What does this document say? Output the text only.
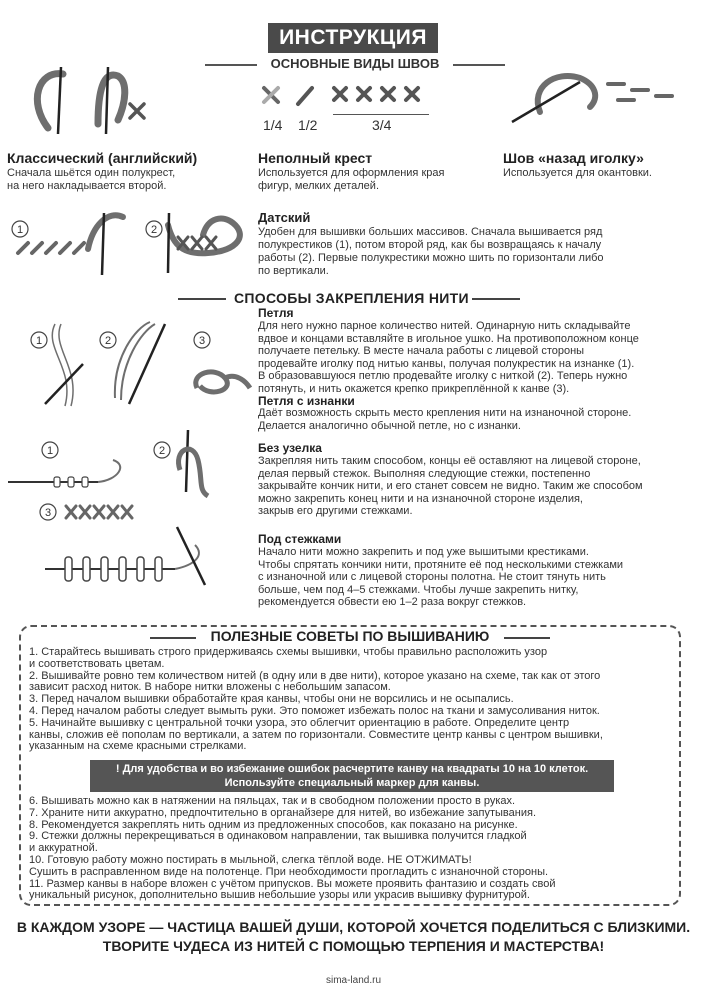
ИНСТРУКЦИЯ
ОСНОВНЫЕ ВИДЫ ШВОВ
1/4 1/2	3/4
Классический (английский)
Сначала шьётся один полукрест,
на него накладывается второй.
Неполный крест
Используется для оформления края
фигур, мелких деталей.
Шов «назад иголку»
Используется для окантовки.
1	2
Датский
Удобен для вышивки больших массивов. Сначала вышивается ряд
полукрестиков (1), потом второй ряд, как бы возвращаясь к началу
работы (2). Первые полукрестики можно шить по горизонтали либо
по вертикали.
СПОСОБЫ ЗАКРЕПЛЕНИЯ НИТИ
1	2	3
Петля
Для него нужно парное количество нитей. Одинарную нить складывайте
вдвое и концами вставляйте в игольное ушко. На противоположном конце
получаете петельку. В месте начала работы с лицевой стороны
продевайте иголку под нитью канвы, получая полукрестик на изнанке (1).
В образовавшуюся петлю продевайте иголку с ниткой (2). Теперь нужно
потянуть, и нить окажется крепко прикреплённой к канве (3).
Петля с изнанки
Даёт возможность скрыть место крепления нити на изнаночной стороне.
Делается аналогично обычной петле, но с изнанки.
1	2
3
Без узелка
Закрепляя нить таким способом, концы её оставляют на лицевой стороне,
делая первый стежок. Выполняя следующие стежки, постепенно
закрывайте кончик нити, и его станет совсем не видно. Таким же способом
можно закрепить конец нити и на изнаночной стороне изделия,
закрыв его другими стежками.
Под стежками
Начало нити можно закрепить и под уже вышитыми крестиками.
Чтобы спрятать кончики нити, протяните её под несколькими стежками
с изнаночной или с лицевой стороны полотна. Не стоит тянуть нить
больше, чем под 4–5 стежками. Чтобы лучше закрепить нитку,
рекомендуется обвести ею 1–2 раза вокруг стежков.
ПОЛЕЗНЫЕ СОВЕТЫ ПО ВЫШИВАНИЮ
1. Старайтесь вышивать строго придерживаясь схемы вышивки, чтобы правильно расположить узор
и соответствовать цветам.
2. Вышивайте ровно тем количеством нитей (в одну или в две нити), которое указано на схеме, так как от этого
зависит расход ниток. В наборе нитки вложены с небольшим запасом.
3. Перед началом вышивки обработайте края канвы, чтобы они не ворсились и не осыпались.
4. Перед началом работы следует вымыть руки. Это поможет избежать полос на ткани и замусоливания ниток.
5. Начинайте вышивку с центральной точки узора, это облегчит ориентацию в работе. Определите центр
канвы, сложив её пополам по вертикали, а затем по горизонтали. Совместите центр канвы с центром вышивки,
указанным на схеме красными стрелками.
! Для удобства и во избежание ошибок расчертите канву на квадраты 10 на 10 клеток.
Используйте специальный маркер для канвы.
6. Вышивать можно как в натяжении на пяльцах, так и в свободном положении просто в руках.
7. Храните нити аккуратно, предпочтительно в органайзере для нитей, во избежание запутывания.
8. Рекомендуется закреплять нить одним из предложенных способов, как показано на рисунке.
9. Стежки должны перекрещиваться в одинаковом направлении, так вышивка получится гладкой
и аккуратной.
10. Готовую работу можно постирать в мыльной, слегка тёплой воде. НЕ ОТЖИМАТЬ!
Сушить в расправленном виде на полотенце. При необходимости прогладить с изнаночной стороны.
11. Размер канвы в наборе вложен с учётом припусков. Вы можете проявить фантазию и создать свой
уникальный рисунок, дополнительно вышив небольшие узоры или украсив вышивку фурнитурой.
В КАЖДОМ УЗОРЕ — ЧАСТИЦА ВАШЕЙ ДУШИ, КОТОРОЙ ХОЧЕТСЯ ПОДЕЛИТЬСЯ С БЛИЗКИМИ.
ТВОРИТЕ ЧУДЕСА ИЗ НИТЕЙ С ПОМОЩЬЮ ТЕРПЕНИЯ И МАСТЕРСТВА!
sima-land.ru
